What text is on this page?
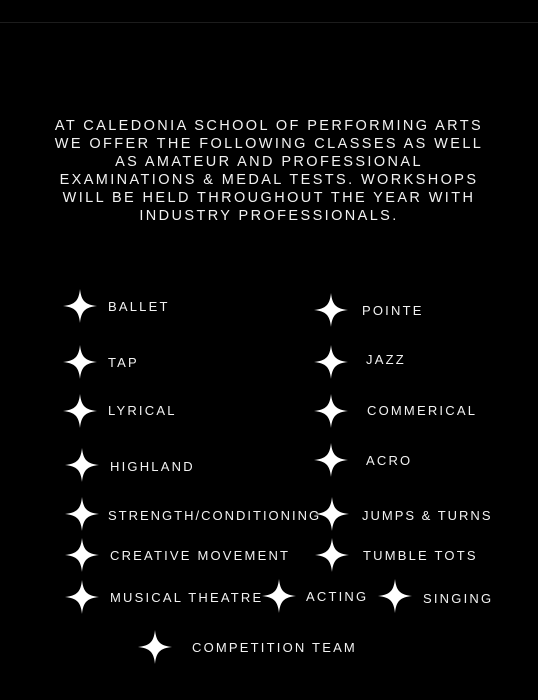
AT CALEDONIA SCHOOL OF PERFORMING ARTS
WE OFFER THE FOLLOWING CLASSES AS WELL
AS AMATEUR AND PROFESSIONAL
EXAMINATIONS & MEDAL TESTS. WORKSHOPS
WILL BE HELD THROUGHOUT THE YEAR WITH
INDUSTRY PROFESSIONALS.

BALLET	POINTE
TAP	JAZZ
LYRICAL	COMMERICAL
HIGHLAND	ACRO
STRENGTH/CONDITIONING	JUMPS & TURNS
CREATIVE MOVEMENT	TUMBLE TOTS
MUSICAL THEATRE	ACTING	SINGING
COMPETITION TEAM
